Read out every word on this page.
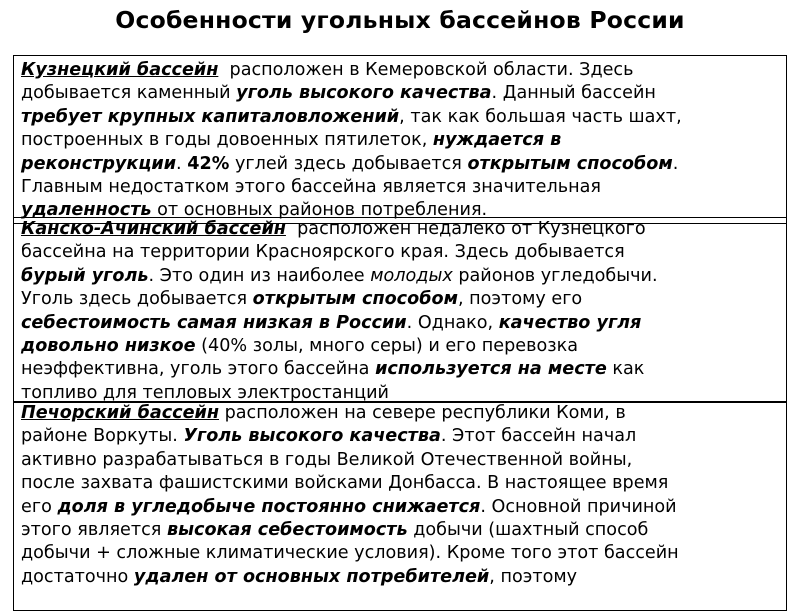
Особенности угольных бассейнов России
Кузнецкий бассейн  расположен в Кемеровской области. Здесь
добывается каменный уголь высокого качества. Данный бассейн
требует крупных капиталовложений, так как большая часть шахт,
построенных в годы довоенных пятилеток, нуждается в
реконструкции. 42% углей здесь добывается открытым способом.
Главным недостатком этого бассейна является значительная
удаленность от основных районов потребления.
Канско-Ачинский бассейн  расположен недалеко от Кузнецкого
бассейна на территории Красноярского края. Здесь добывается
бурый уголь. Это один из наиболее молодых районов угледобычи.
Уголь здесь добывается открытым способом, поэтому его
себестоимость самая низкая в России. Однако, качество угля
довольно низкое (40% золы, много серы) и его перевозка
неэффективна, уголь этого бассейна используется на месте как
топливо для тепловых электростанций
Печорский бассейн расположен на севере республики Коми, в
районе Воркуты. Уголь высокого качества. Этот бассейн начал
активно разрабатываться в годы Великой Отечественной войны,
после захвата фашистскими войсками Донбасса. В настоящее время
его доля в угледобыче постоянно снижается. Основной причиной
этого является высокая себестоимость добычи (шахтный способ
добычи + сложные климатические условия). Кроме того этот бассейн
достаточно удален от основных потребителей, поэтому
